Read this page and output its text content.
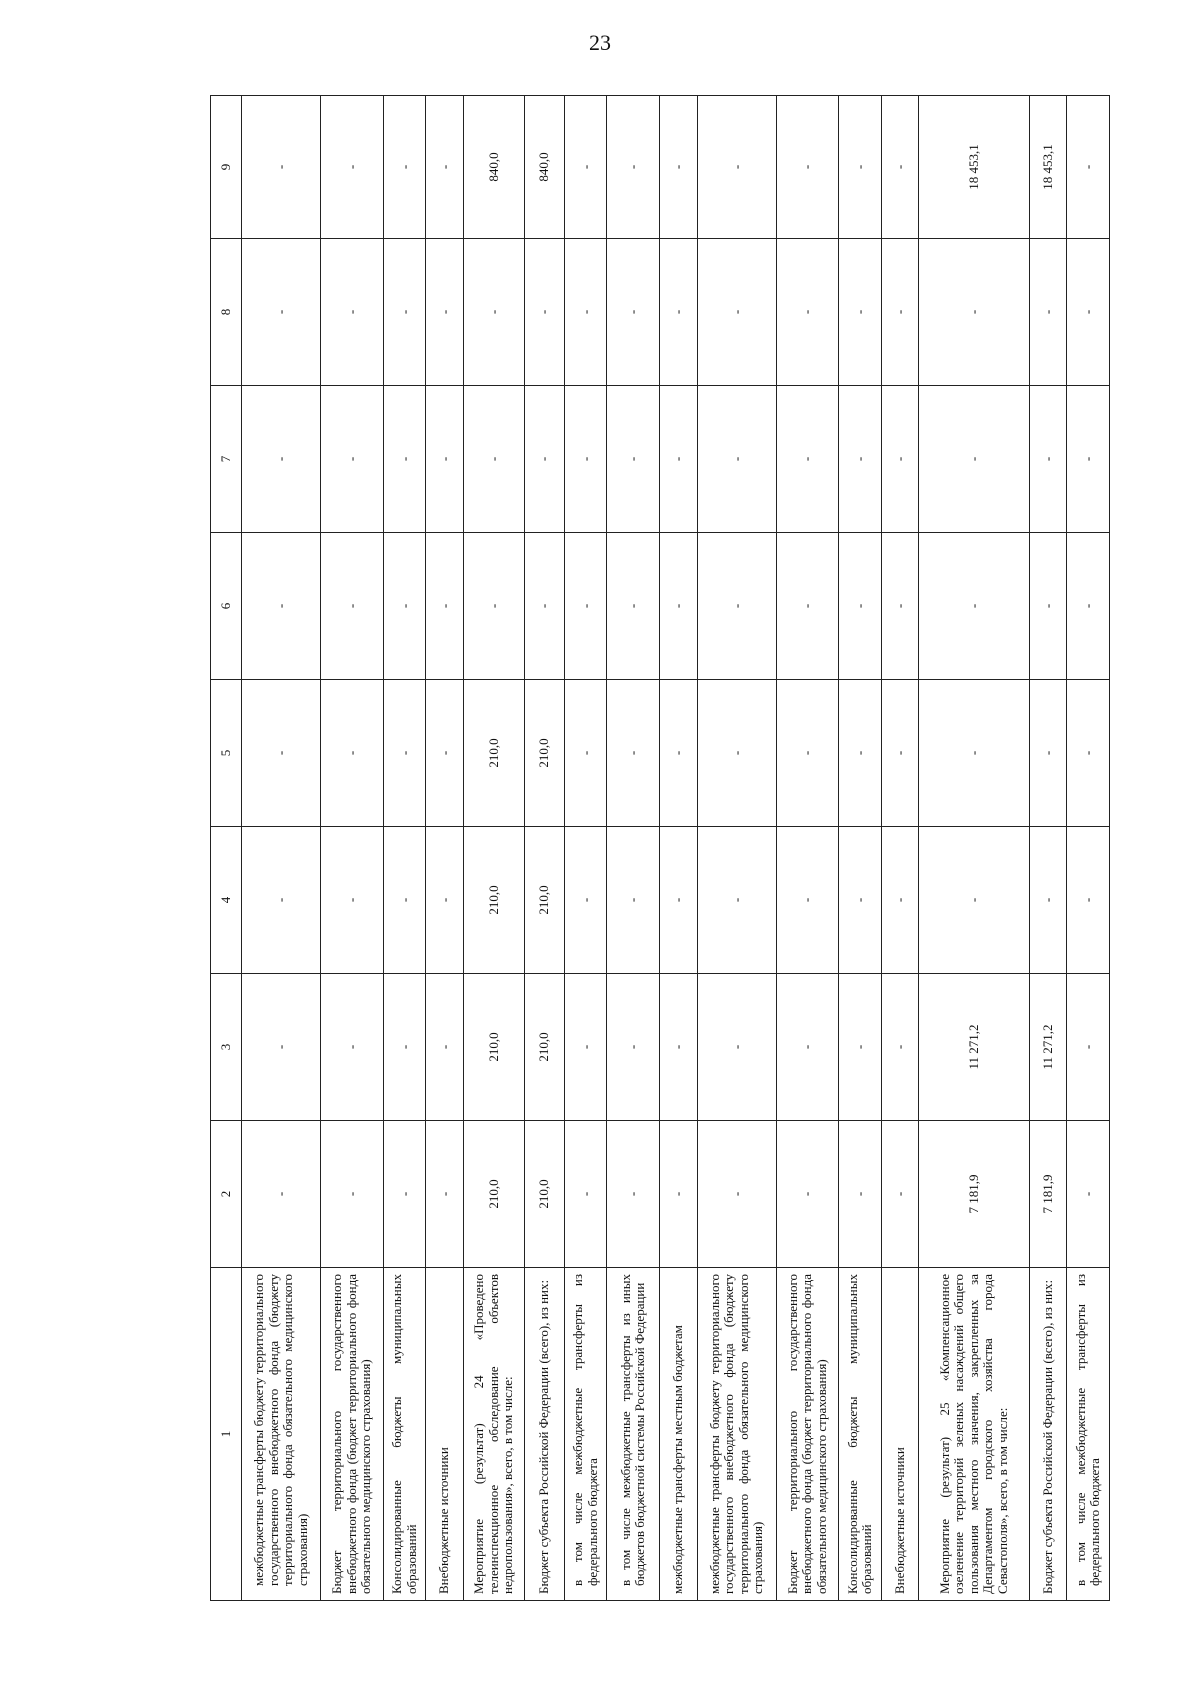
23
1	2	3	4	5	6	7	8	9
межбюджетные трансферты бюджету территориального государственного внебюджетного фонда (бюджету территориального фонда обязательного медицинского страхования)	-	-	-	-	-	-	-	-
Бюджет территориального государственного внебюджетного фонда (бюджет территориального фонда обязательного медицинского страхования)	-	-	-	-	-	-	-	-
Консолидированные бюджеты муниципальных образований	-	-	-	-	-	-	-	-
Внебюджетные источники	-	-	-	-	-	-	-	-
Мероприятие (результат) 24 «Проведено телеинспекционное обследование объектов недропользования», всего, в том числе:	210,0	210,0	210,0	210,0	-	-	-	840,0
Бюджет субъекта Российской Федерации (всего), из них:	210,0	210,0	210,0	210,0	-	-	-	840,0
в том числе межбюджетные трансферты из федерального бюджета	-	-	-	-	-	-	-	-
в том числе межбюджетные трансферты из иных бюджетов бюджетной системы Российской Федерации	-	-	-	-	-	-	-	-
межбюджетные трансферты местным бюджетам	-	-	-	-	-	-	-	-
межбюджетные трансферты бюджету территориального государственного внебюджетного фонда (бюджету территориального фонда обязательного медицинского страхования)	-	-	-	-	-	-	-	-
Бюджет территориального государственного внебюджетного фонда (бюджет территориального фонда обязательного медицинского страхования)	-	-	-	-	-	-	-	-
Консолидированные бюджеты муниципальных образований	-	-	-	-	-	-	-	-
Внебюджетные источники	-	-	-	-	-	-	-	-
Мероприятие (результат) 25 «Компенсационное озеленение территорий зеленых насаждений общего пользования местного значения, закрепленных за Департаментом городского хозяйства города Севастополя», всего, в том числе:	7 181,9	11 271,2	-	-	-	-	-	18 453,1
Бюджет субъекта Российской Федерации (всего), из них:	7 181,9	11 271,2	-	-	-	-	-	18 453,1
в том числе межбюджетные трансферты из федерального бюджета	-	-	-	-	-	-	-	-
